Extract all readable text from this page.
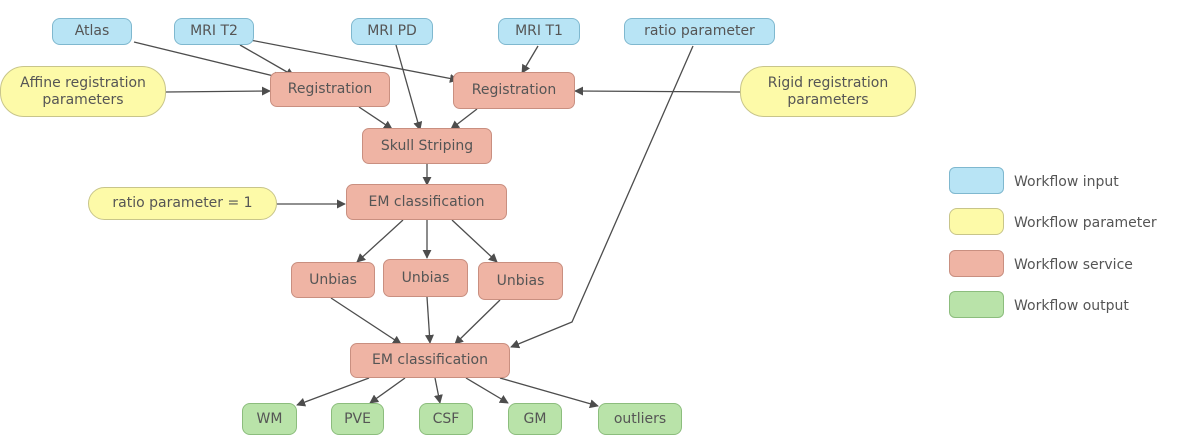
Atlas	MRI T2	MRI PD	MRI T1	ratio parameter
Affine registration
parameters
Rigid registration
parameters
ratio parameter = 1
Registration	Registration
Skull Striping
EM classification
Unbias	Unbias	Unbias
EM classification
WM	PVE	CSF	GM	outliers
Workflow input
Workflow parameter
Workflow service
Workflow output
